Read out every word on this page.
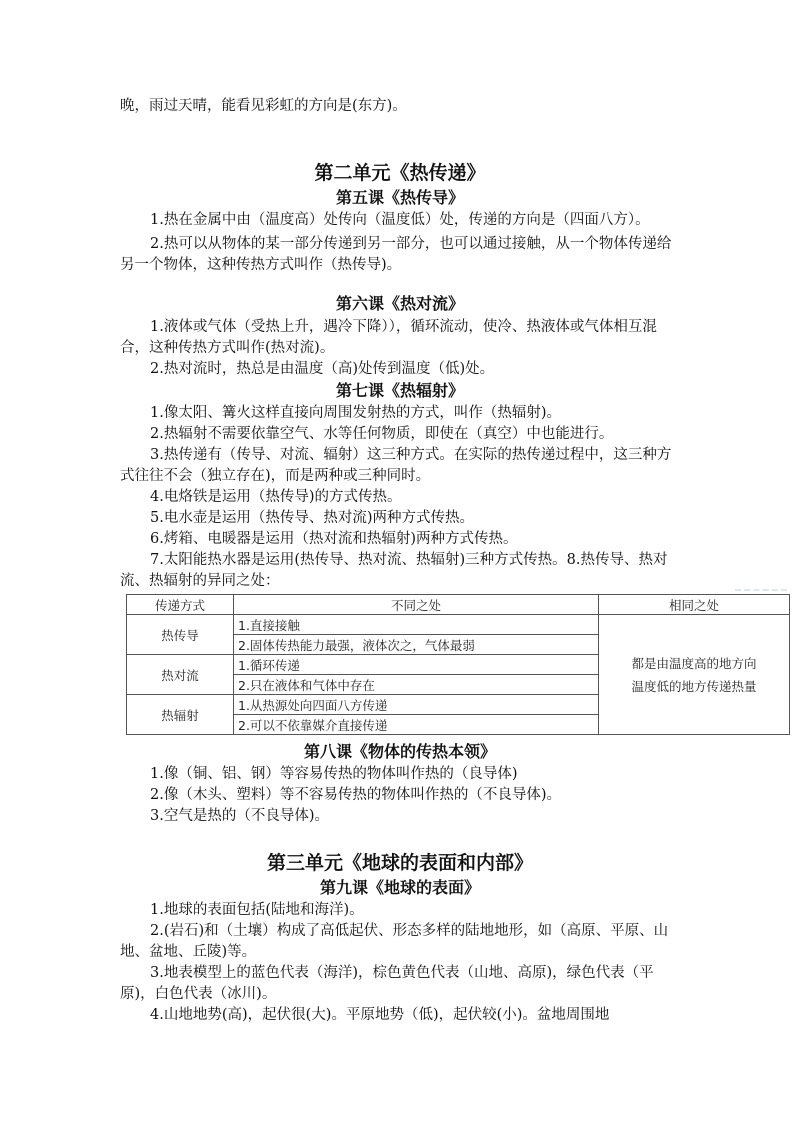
晚，雨过天晴，能看见彩虹的方向是(东方)。

第二单元《热传递》

第五课《热传导》

1.热在金属中由（温度高）处传向（温度低）处，传递的方向是（四面八方）。

2.热可以从物体的某一部分传递到另一部分，也可以通过接触，从一个物体传递给另一个物体，这种传热方式叫作（热传导)。

第六课《热对流》

1.液体或气体（受热上升，遇冷下降）），循环流动，使冷、热液体或气体相互混合，这种传热方式叫作(热对流)。

2.热对流时，热总是由温度（高)处传到温度（低)处。

第七课《热辐射》

1.像太阳、篝火这样直接向周围发射热的方式，叫作（热辐射)。

2.热辐射不需要依靠空气、水等任何物质，即使在（真空）中也能进行。

3.热传递有（传导、对流、辐射）这三种方式。在实际的热传递过程中，这三种方式往往不会（独立存在)，而是两种或三种同时。

4.电烙铁是运用（热传导)的方式传热。

5.电水壶是运用（热传导、热对流)两种方式传热。

6.烤箱、电暖器是运用（热对流和热辐射)两种方式传热。

7.太阳能热水器是运用(热传导、热对流、热辐射)三种方式传热。8.热传导、热对流、热辐射的异同之处：

第八课《物体的传热本领》

1.像（铜、铝、钢）等容易传热的物体叫作热的（良导体)

2.像（木头、塑料）等不容易传热的物体叫作热的（不良导体)。

3.空气是热的（不良导体)。

第三单元《地球的表面和内部》

第九课《地球的表面》

1.地球的表面包括(陆地和海洋)。

2.(岩石)和（土壤）构成了高低起伏、形态多样的陆地地形，如（高原、平原、山地、盆地、丘陵)等。

3.地表模型上的蓝色代表（海洋)，棕色黄色代表（山地、高原)，绿色代表（平原)，白色代表（冰川)。

4.山地地势(高)，起伏很(大)。平原地势（低)，起伏较(小)。盆地周围地

传递方式	不同之处	相同之处
热传导	1.直接接触	都是由温度高的地方向
温度低的地方传递热量

	2.固体传热能力最强，液体次之，气体最弱	
热对流	1.循环传递	
	2.只在液体和气体中存在	
热辐射	1.从热源处向四面八方传递	
	2.可以不依靠媒介直接传递	
